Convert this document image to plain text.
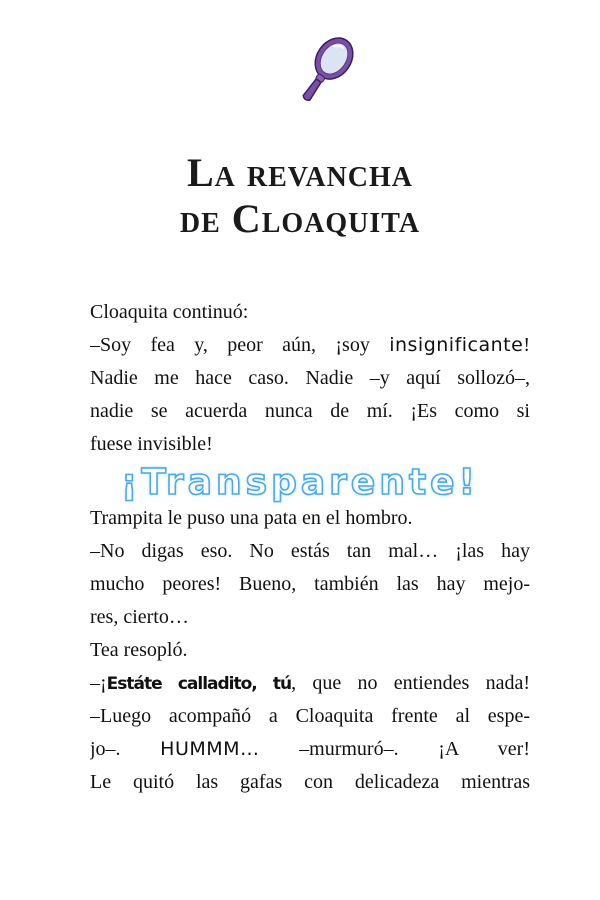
La revancha
de Cloaquita
Cloaquita continuó:
–Soy fea y, peor aún, ¡soy insignificante!
Nadie me hace caso. Nadie –y aquí sollozó–,
nadie se acuerda nunca de mí. ¡Es como si
fuese invisible!
¡Transparente!
Trampita le puso una pata en el hombro.
–No digas eso. No estás tan mal… ¡las hay
mucho peores! Bueno, también las hay mejo-
res, cierto…
Tea resopló.
–¡Estáte calladito, tú, que no entiendes nada!
–Luego acompañó a Cloaquita frente al espe-
jo–. HUMMM… –murmuró–. ¡A ver!
Le quitó las gafas con delicadeza mientras
